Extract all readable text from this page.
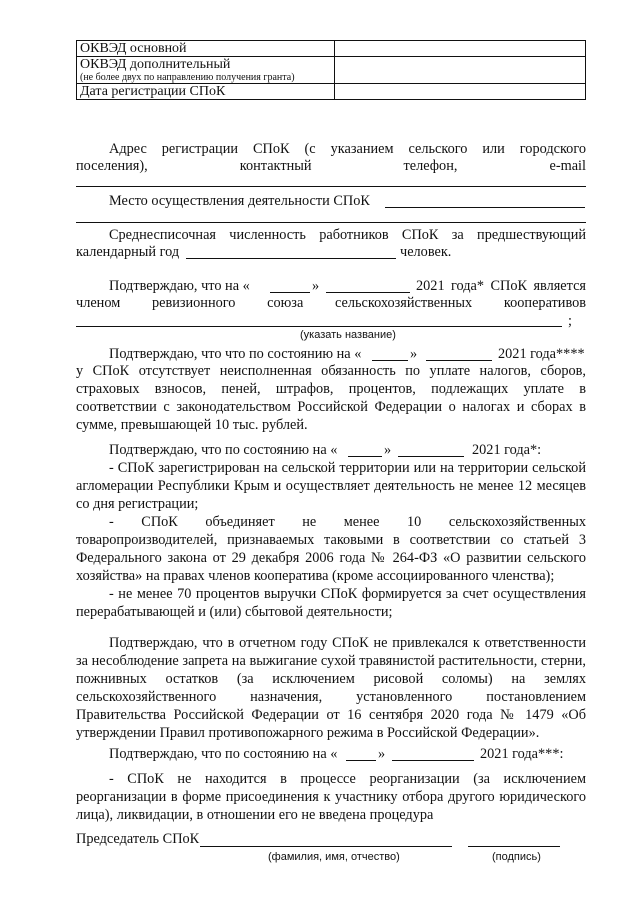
ОКВЭД основной	
ОКВЭД дополнительный
(не более двух по направлению получения гранта)	

Дата регистрации СПоК	
Адрес регистрации СПоК (с указанием сельского или городского
поселения), контактный телефон, e-mail
Место осуществления деятельности СПоК
Среднесписочная численность работников СПоК за предшествующий
календарный год	человек.
Подтверждаю, что на «	»	2021 года* СПоК является
членом ревизионного союза сельскохозяйственных кооперативов
;
(указать название)
Подтверждаю, что что по состоянию на «	»	2021 года****
у СПоК отсутствует неисполненная обязанность по уплате налогов, сборов, страховых взносов, пеней, штрафов, процентов, подлежащих уплате в соответствии с законодательством Российской Федерации о налогах и сборах в сумме, превышающей 10 тыс. рублей.
Подтверждаю, что по состоянию на «	»	2021 года*:
- СПоК зарегистрирован на сельской территории или на территории сельской агломерации Республики Крым и осуществляет деятельность не менее 12 месяцев со дня регистрации;
- СПоК объединяет не менее 10 сельскохозяйственных товаропроизводителей, признаваемых таковыми в соответствии со статьей 3 Федерального закона от 29 декабря 2006 года № 264-ФЗ «О развитии сельского хозяйства» на правах членов кооператива (кроме ассоциированного членства);
- не менее 70 процентов выручки СПоК формируется за счет осуществления перерабатывающей и (или) сбытовой деятельности;
Подтверждаю, что в отчетном году СПоК не привлекался к ответственности за несоблюдение запрета на выжигание сухой травянистой растительности, стерни, пожнивных остатков (за исключением рисовой соломы) на землях сельскохозяйственного назначения, установленного постановлением Правительства Российской Федерации от 16 сентября 2020 года № 1479 «Об утверждении Правил противопожарного режима в Российской Федерации».
Подтверждаю, что по состоянию на «	»	2021 года***:
- СПоК не находится в процессе реорганизации (за исключением реорганизации в форме присоединения к участнику отбора другого юридического лица), ликвидации, в отношении его не введена процедура
Председатель СПоК
(фамилия, имя, отчество)	(подпись)
